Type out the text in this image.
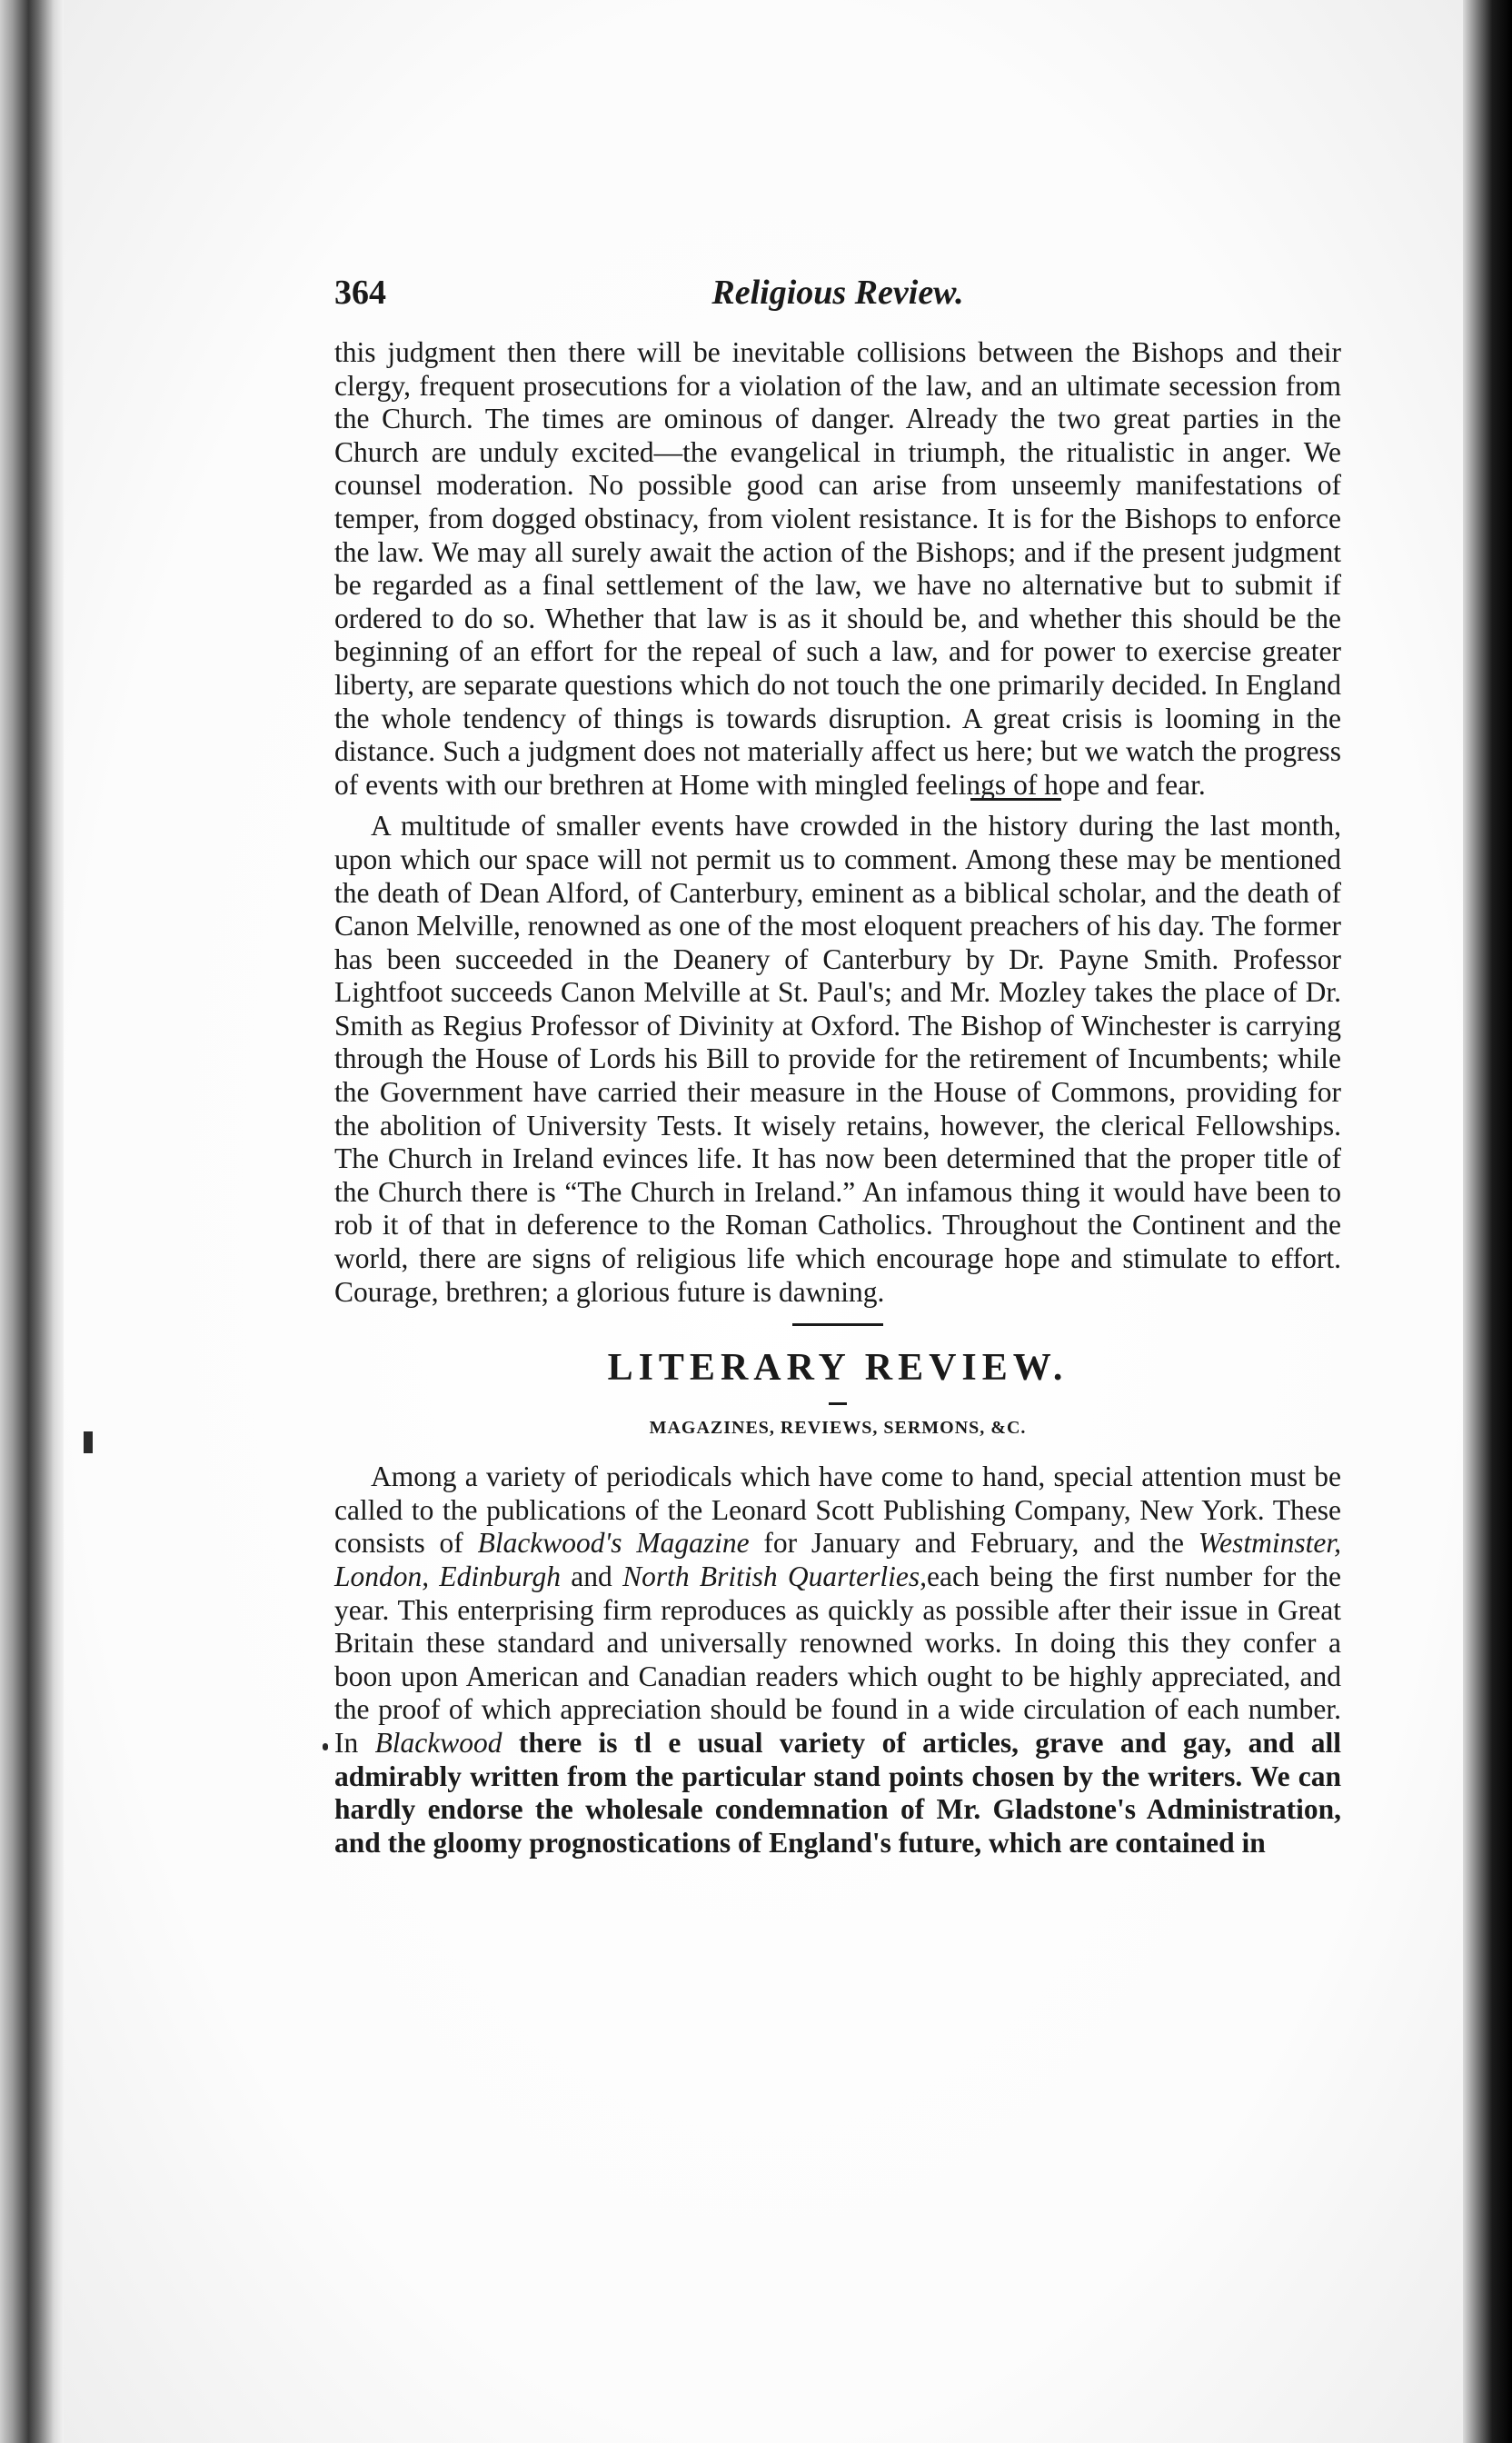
364	Religious Review.

this judgment then there will be inevitable collisions between the Bishops and their clergy, frequent prosecutions for a violation of the law, and an ultimate secession from the Church. The times are ominous of danger. Already the two great parties in the Church are unduly excited—the evangelical in triumph, the ritualistic in anger. We counsel moderation. No possible good can arise from unseemly manifestations of temper, from dogged obstinacy, from violent resistance. It is for the Bishops to enforce the law. We may all surely await the action of the Bishops; and if the present judgment be regarded as a final settlement of the law, we have no alternative but to submit if ordered to do so. Whether that law is as it should be, and whether this should be the beginning of an effort for the repeal of such a law, and for power to exercise greater liberty, are separate questions which do not touch the one primarily decided. In England the whole tendency of things is towards disruption. A great crisis is looming in the distance. Such a judgment does not materially affect us here; but we watch the progress of events with our brethren at Home with mingled feelings of hope and fear.

A multitude of smaller events have crowded in the history during the last month, upon which our space will not permit us to comment. Among these may be mentioned the death of Dean Alford, of Canterbury, eminent as a biblical scholar, and the death of Canon Melville, renowned as one of the most eloquent preachers of his day. The former has been succeeded in the Deanery of Canterbury by Dr. Payne Smith. Professor Lightfoot succeeds Canon Melville at St. Paul's; and Mr. Mozley takes the place of Dr. Smith as Regius Professor of Divinity at Oxford. The Bishop of Winchester is carrying through the House of Lords his Bill to provide for the retirement of Incumbents; while the Government have carried their measure in the House of Commons, providing for the abolition of University Tests. It wisely retains, however, the clerical Fellowships. The Church in Ireland evinces life. It has now been determined that the proper title of the Church there is “The Church in Ireland.” An infamous thing it would have been to rob it of that in deference to the Roman Catholics. Throughout the Continent and the world, there are signs of religious life which encourage hope and stimulate to effort. Courage, brethren; a glorious future is dawning.

LITERARY REVIEW.
MAGAZINES, REVIEWS, SERMONS, &C.

Among a variety of periodicals which have come to hand, special attention must be called to the publications of the Leonard Scott Publishing Company, New York. These consists of Blackwood's Magazine for January and February, and the Westminster, London, Edinburgh and North British Quarterlies,each being the first number for the year. This enterprising firm reproduces as quickly as possible after their issue in Great Britain these standard and universally renowned works. In doing this they confer a boon upon American and Canadian readers which ought to be highly appreciated, and the proof of which appreciation should be found in a wide circulation of each number. In Blackwood there is tl e usual variety of articles, grave and gay, and all admirably written from the particular stand points chosen by the writers. We can hardly endorse the wholesale condemnation of Mr. Gladstone's Administration, and the gloomy prognostications of England's future, which are contained in
